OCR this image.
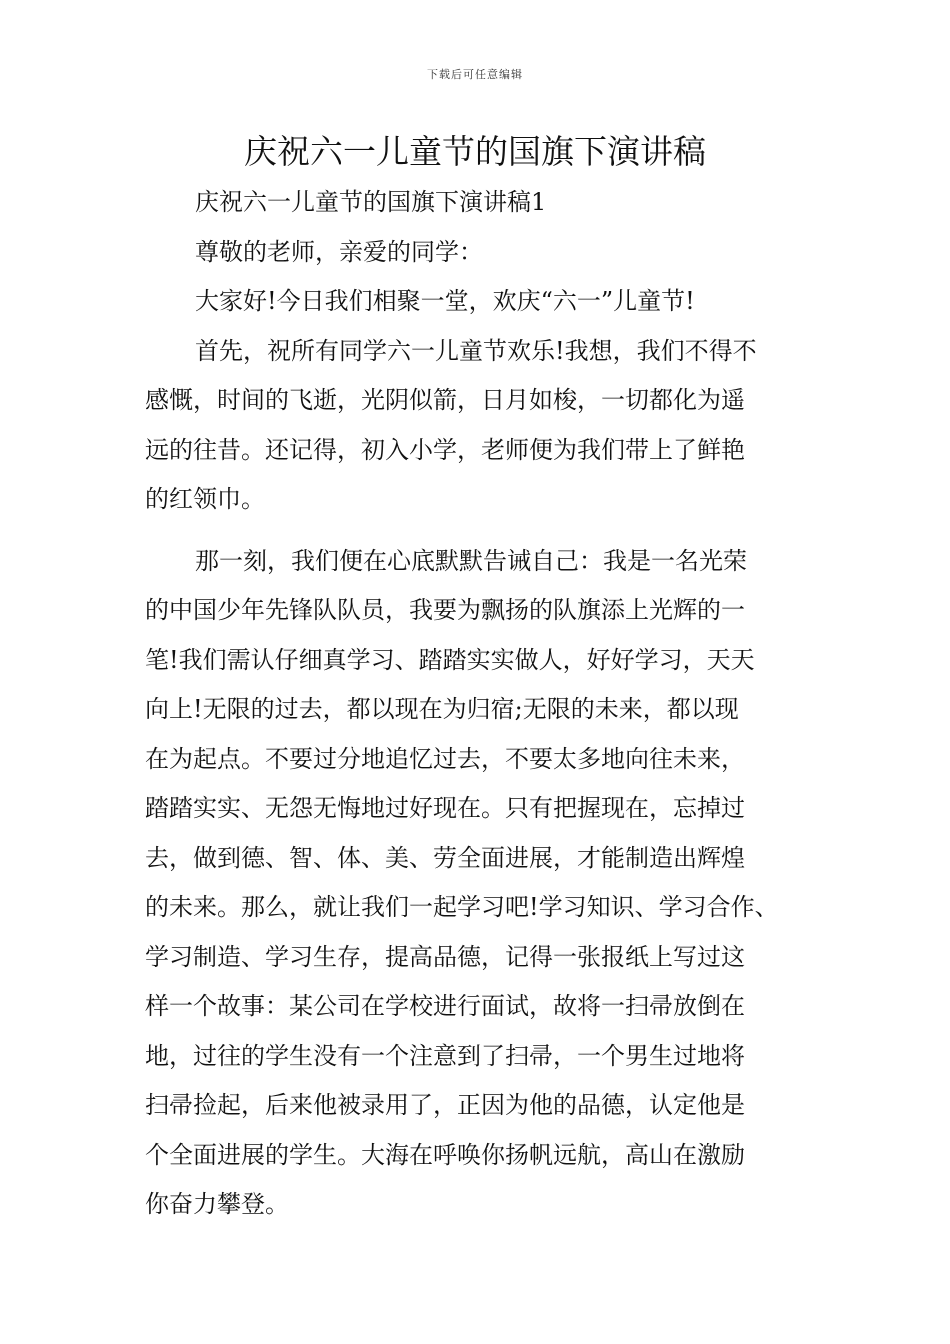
下载后可任意编辑
庆祝六一儿童节的国旗下演讲稿
庆祝六一儿童节的国旗下演讲稿1
尊敬的老师，亲爱的同学：
大家好!今日我们相聚一堂，欢庆“六一”儿童节!
首先，祝所有同学六一儿童节欢乐!我想，我们不得不
感慨，时间的飞逝，光阴似箭，日月如梭，一切都化为遥
远的往昔。还记得，初入小学，老师便为我们带上了鲜艳
的红领巾。
那一刻，我们便在心底默默告诫自己：我是一名光荣
的中国少年先锋队队员，我要为飘扬的队旗添上光辉的一
笔!我们需认仔细真学习、踏踏实实做人，好好学习，天天
向上!无限的过去，都以现在为归宿;无限的未来，都以现
在为起点。不要过分地追忆过去，不要太多地向往未来，
踏踏实实、无怨无悔地过好现在。只有把握现在，忘掉过
去，做到德、智、体、美、劳全面进展，才能制造出辉煌
的未来。那么，就让我们一起学习吧!学习知识、学习合作、
学习制造、学习生存，提高品德，记得一张报纸上写过这
样一个故事：某公司在学校进行面试，故将一扫帚放倒在
地，过往的学生没有一个注意到了扫帚，一个男生过地将
扫帚捡起，后来他被录用了，正因为他的品德，认定他是
个全面进展的学生。大海在呼唤你扬帆远航，高山在激励
你奋力攀登。
